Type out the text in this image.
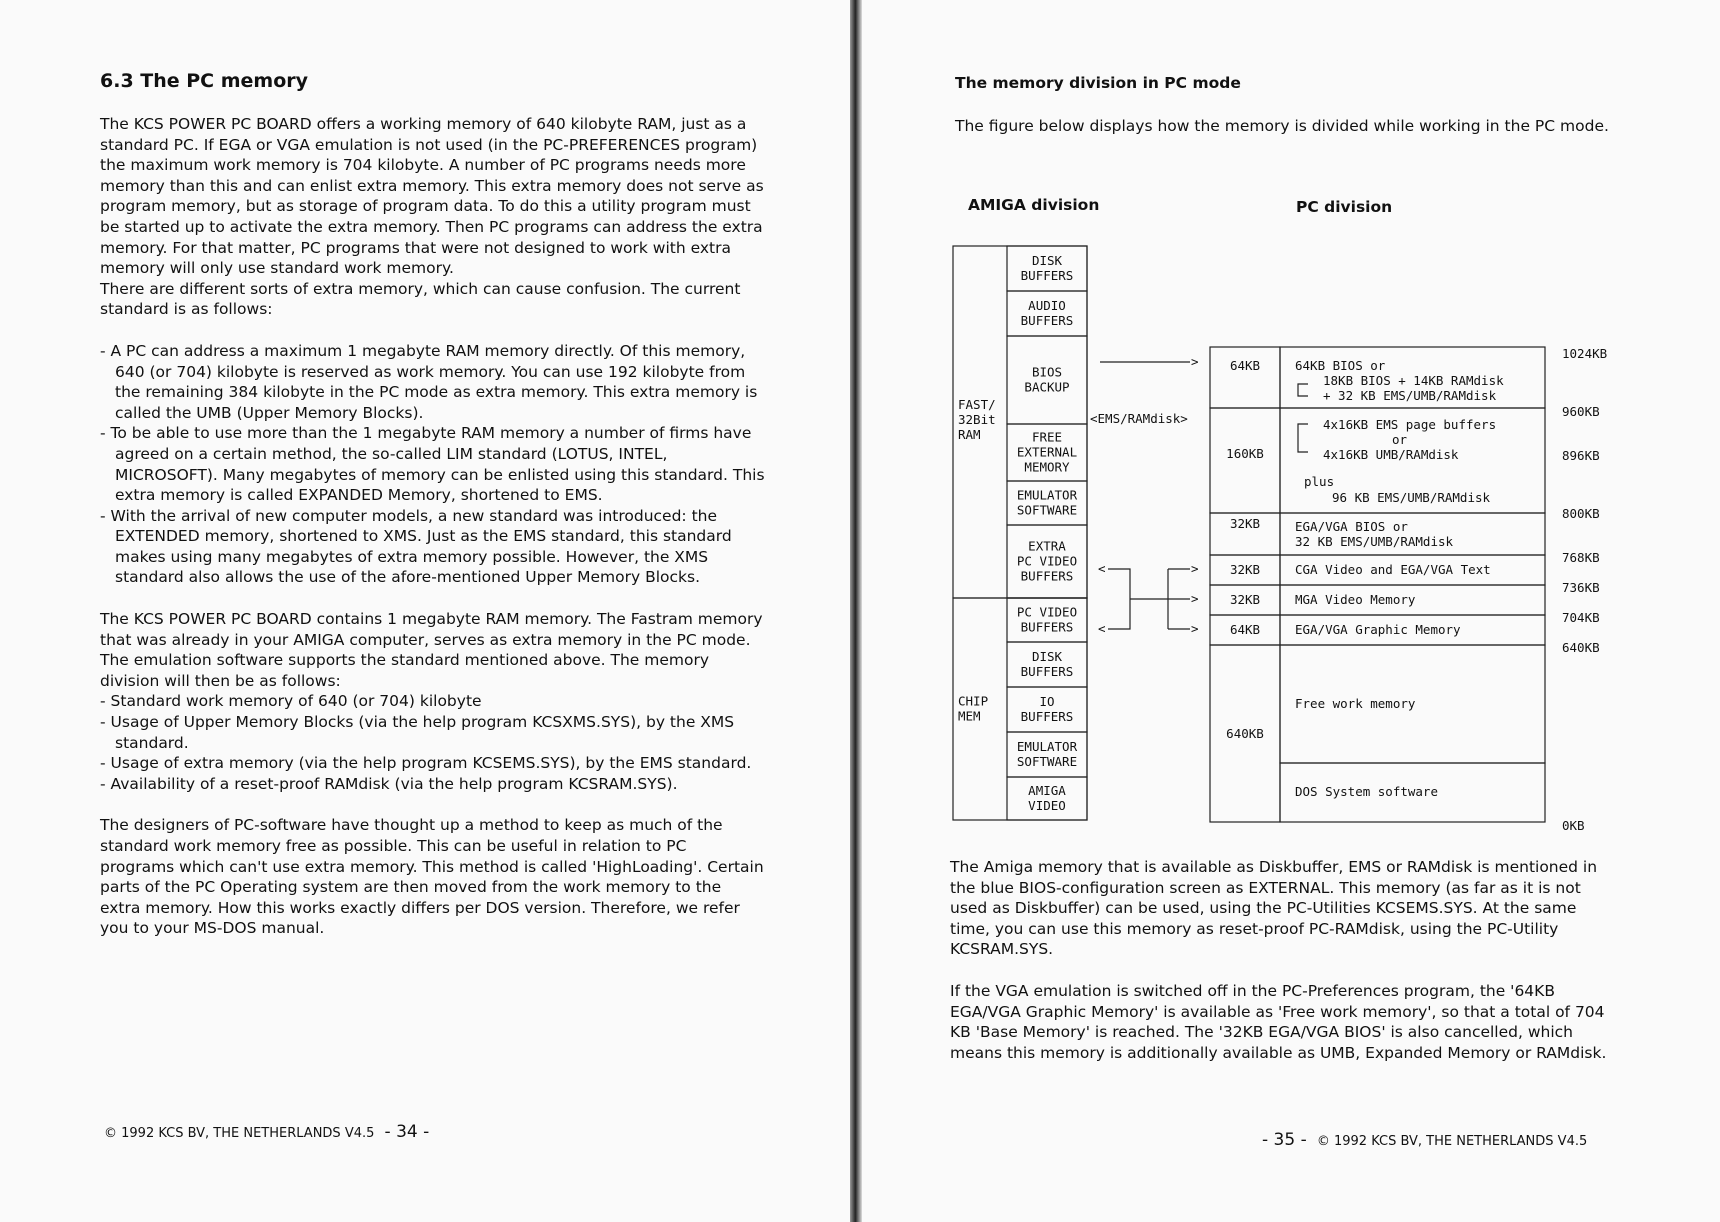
6.3 The PC memory

The KCS POWER PC BOARD offers a working memory of 640 kilobyte RAM, just as a standard PC. If EGA or VGA emulation is not used (in the PC-PREFERENCES program) the maximum work memory is 704 kilobyte. A number of PC programs needs more memory than this and can enlist extra memory. This extra memory does not serve as program memory, but as storage of program data. To do this a utility program must be started up to activate the extra memory. Then PC programs can address the extra memory. For that matter, PC programs that were not designed to work with extra memory will only use standard work memory.

There are different sorts of extra memory, which can cause confusion. The current standard is as follows:

- A PC can address a maximum 1 megabyte RAM memory directly. Of this memory, 640 (or 704) kilobyte is reserved as work memory. You can use 192 kilobyte from the remaining 384 kilobyte in the PC mode as extra memory. This extra memory is called the UMB (Upper Memory Blocks).
- To be able to use more than the 1 megabyte RAM memory a number of firms have agreed on a certain method, the so-called LIM standard (LOTUS, INTEL, MICROSOFT). Many megabytes of memory can be enlisted using this standard. This extra memory is called EXPANDED Memory, shortened to EMS.
- With the arrival of new computer models, a new standard was introduced: the EXTENDED memory, shortened to XMS. Just as the EMS standard, this standard makes using many megabytes of extra memory possible. However, the XMS standard also allows the use of the afore-mentioned Upper Memory Blocks.

The KCS POWER PC BOARD contains 1 megabyte RAM memory. The Fastram memory that was already in your AMIGA computer, serves as extra memory in the PC mode. The emulation software supports the standard mentioned above. The memory division will then be as follows:

- Standard work memory of 640 (or 704) kilobyte
- Usage of Upper Memory Blocks (via the help program KCSXMS.SYS), by the XMS standard.
- Usage of extra memory (via the help program KCSEMS.SYS), by the EMS standard.
- Availability of a reset-proof RAMdisk (via the help program KCSRAM.SYS).

The designers of PC-software have thought up a method to keep as much of the standard work memory free as possible. This can be useful in relation to PC programs which can't use extra memory. This method is called 'HighLoading'. Certain parts of the PC Operating system are then moved from the work memory to the extra memory. How this works exactly differs per DOS version. Therefore, we refer you to your MS-DOS manual.

© 1992 KCS BV, THE NETHERLANDS V4.5 - 34 -
The memory division in PC mode
The figure below displays how the memory is divided while working in the PC mode.
AMIGA division	PC division
FAST/
32Bit
RAM
CHIP
MEM
DISK
BUFFERS
AUDIO
BUFFERS
BIOS
BACKUP
FREE
EXTERNAL
MEMORY
EMULATOR
SOFTWARE
EXTRA
PC VIDEO
BUFFERS
PC VIDEO
BUFFERS
DISK
BUFFERS
IO
BUFFERS
EMULATOR
SOFTWARE
AMIGA
VIDEO
>
<EMS/RAMdisk>
<
<
>
>
>
64KB
160KB
32KB
32KB
32KB
64KB
640KB
64KB BIOS or
18KB BIOS + 14KB RAMdisk
+ 32 KB EMS/UMB/RAMdisk
4x16KB EMS page buffers
or
4x16KB UMB/RAMdisk
plus
96 KB EMS/UMB/RAMdisk
EGA/VGA BIOS or
32 KB EMS/UMB/RAMdisk
CGA Video and EGA/VGA Text
MGA Video Memory
EGA/VGA Graphic Memory
Free work memory
DOS System software
1024KB
960KB
896KB
800KB
768KB
736KB
704KB
640KB
0KB
The Amiga memory that is available as Diskbuffer, EMS or RAMdisk is mentioned in the blue BIOS-configuration screen as EXTERNAL. This memory (as far as it is not used as Diskbuffer) can be used, using the PC-Utilities KCSEMS.SYS. At the same time, you can use this memory as reset-proof PC-RAMdisk, using the PC-Utility KCSRAM.SYS.
If the VGA emulation is switched off in the PC-Preferences program, the '64KB EGA/VGA Graphic Memory' is available as 'Free work memory', so that a total of 704 KB 'Base Memory' is reached. The '32KB EGA/VGA BIOS' is also cancelled, which means this memory is additionally available as UMB, Expanded Memory or RAMdisk.
- 35 - © 1992 KCS BV, THE NETHERLANDS V4.5
